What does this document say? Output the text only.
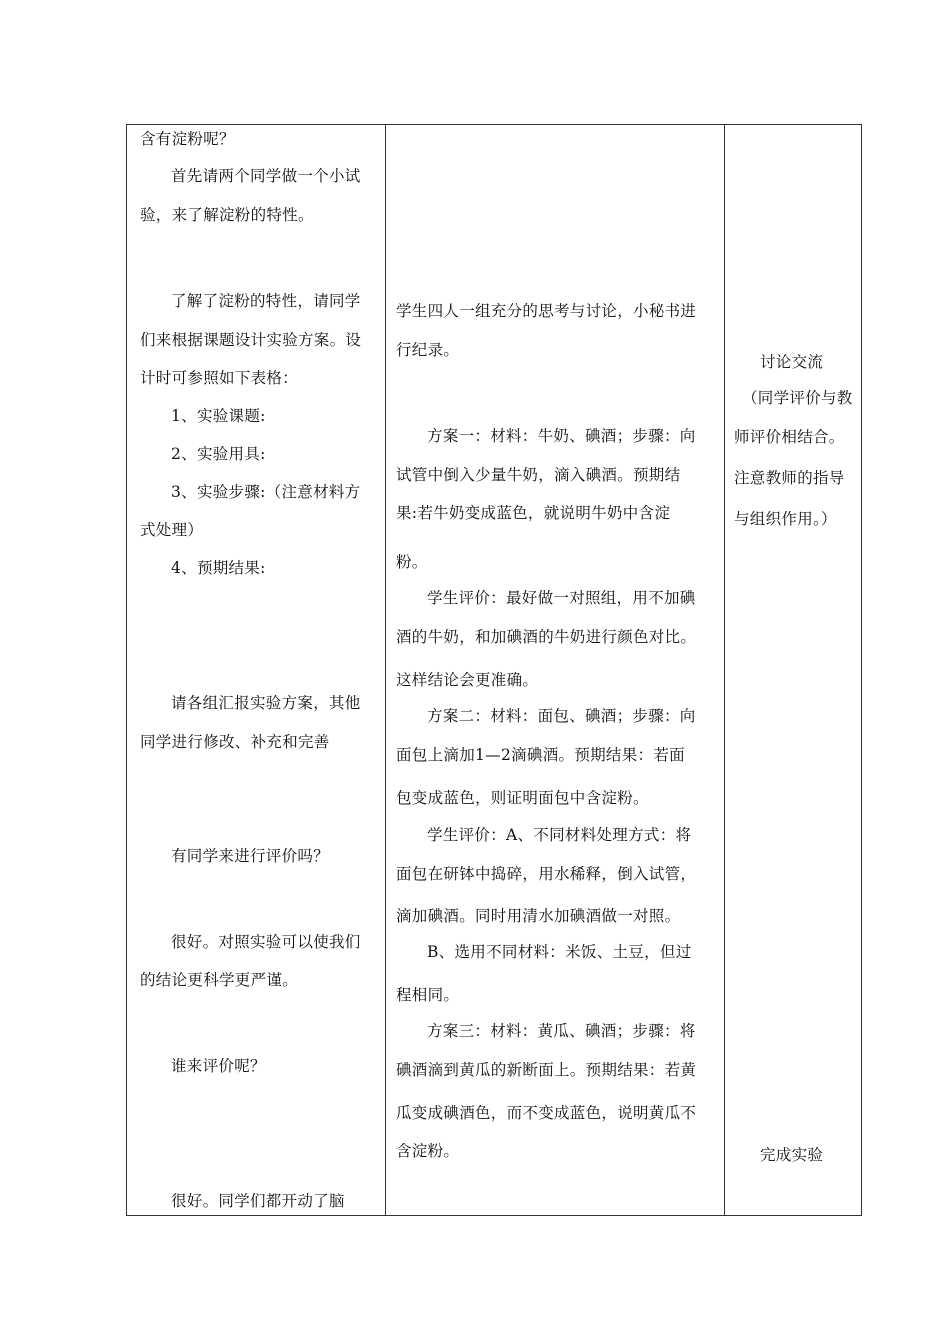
含有淀粉呢？
首先请两个同学做一个小试
验，来了解淀粉的特性。
了解了淀粉的特性，请同学
们来根据课题设计实验方案。设
计时可参照如下表格：
1、实验课题:
2、实验用具:
3、实验步骤:（注意材料方
式处理）
4、预期结果:
请各组汇报实验方案，其他
同学进行修改、补充和完善
有同学来进行评价吗？
很好。对照实验可以使我们
的结论更科学更严谨。
谁来评价呢？
很好。同学们都开动了脑
学生四人一组充分的思考与讨论，小秘书进
行纪录。
方案一：材料：牛奶、碘酒；步骤：向
试管中倒入少量牛奶，滴入碘酒。预期结
果:若牛奶变成蓝色，就说明牛奶中含淀
粉。
学生评价：最好做一对照组，用不加碘
酒的牛奶，和加碘酒的牛奶进行颜色对比。
这样结论会更准确。
方案二：材料：面包、碘酒；步骤：向
面包上滴加1—2滴碘酒。预期结果：若面
包变成蓝色，则证明面包中含淀粉。
学生评价：A、不同材料处理方式：将
面包在研钵中捣碎，用水稀释，倒入试管，
滴加碘酒。同时用清水加碘酒做一对照。
B、选用不同材料：米饭、土豆，但过
程相同。
方案三：材料：黄瓜、碘酒；步骤：将
碘酒滴到黄瓜的新断面上。预期结果：若黄
瓜变成碘酒色，而不变成蓝色，说明黄瓜不
含淀粉。
讨论交流
（同学评价与教
师评价相结合。
注意教师的指导
与组织作用。）
完成实验
